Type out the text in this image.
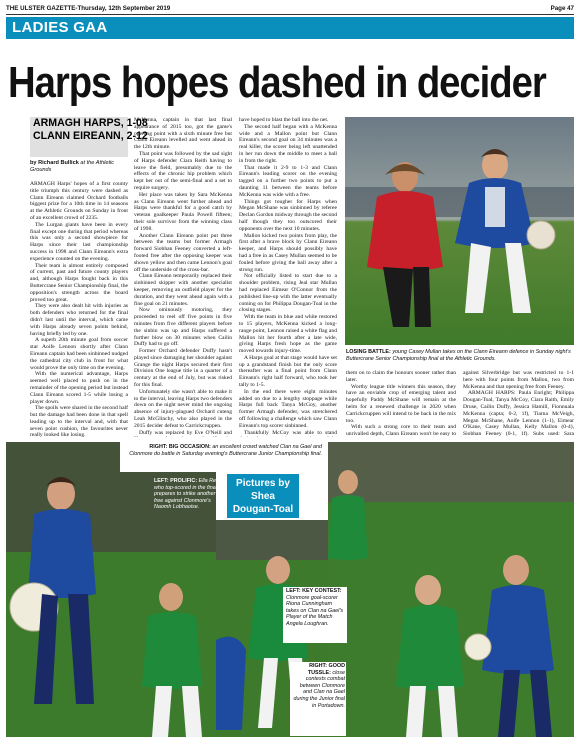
THE ULSTER GAZETTE-Thursday, 12th September 2019	Page 47
LADIES GAA
Harps hopes dashed in decider
ARMAGH HARPS, 1-08
CLANN EIREANN, 2-12
by Richard Bullick at the Athletic Grounds

ARMAGH Harps' hopes of a first county title triumph this century were dashed as Clann Eireann claimed Orchard footballs biggest prize for a 10th time in 14 seasons at the Athletic Grounds on Sunday in front of an excellent crowd of 2235.

The Lurgan giants have been in every final except one during that period whereas this was only a second showpiece for Harps since their last championship success in 1998 and Clann Eireann's extra experience counted on the evening.

Their team is almost entirely composed of current, past and future county players and, although Harps fought back in this Buttercrane Senior Championship final, the opposition's strength across the board proved too great.

They were also dealt hit with injuries as both defenders who returned for the final didn't last until the interval, which came with Harps already seven points behind, having briefly led by one.

A superb 20th minute goal from soccer star Aoife Lennon shortly after Clann Eireann captain had been sinbinned nudged the cathedral city club in front for what would prove the only time on the evening.

With the numerical advantage, Harps seemed well placed to push on in the remainder of the opening period but instead Clann Eireann scored 1-5 while losing a player down.

The spoils were shared in the second half but the damage had been done in that spell leading up to the interval and, with that seven point cushion, the favourites never really looked like losing.

McKenna, captain in that last final appearance of 2015 too, got the game's opening point with a sixth minute free but Clann Eireann levelled and went ahead in the 12th minute.

That point was followed by the sad sight of Harps defender Ciara Reith having to leave the field, presumably due to the effects of the chronic hip problem which kept her out of the semi-final and a set to require surgery.

Her place was taken by Sara McKenna as Clann Eireann went further ahead and Harps were thankful for a good catch by veteran goalkeeper Paula Powell fifteen; their sole survivor from the winning class of 1998.

Another Clann Eireann point put three between the teams but former Armagh forward Siobhan Feeney converted a left-footed free after the opposing keeper was shown yellow and then came Lennon's goal off the underside of the cross-bar.

Clann Eireann temporarily replaced their sinbinned skipper with another specialist keeper, removing an outfield player for the duration, and they went ahead again with a fine goal on 21 minutes.

Now ominously motoring, they proceeded to reel off five points in five minutes from five different players before the sinbin was up and Harps suffered a further blow on 30 minutes when Cailin Duffy had to go off.

Former Orchard defender Duffy hasn't played since damaging her shoulder against Grange the night Harps secured their first Division One league title in a quarter of a century at the end of July, but was risked for this final.

Unfortunately she wasn't able to make it to the interval, leaving Harps two defenders down on the night never mind the ongoing absence of injury-plagued Orchard cuteng Leah McGlinchy, who also played in the 2015 decider defeat to Carrickcruppen.

Duffy was replaced by Eve O'Neill and

have hoped to blast the ball into the net.

The second half began with a McKenna wide and a Mallon point but Clann Eireann's second goal on 34 minutes was a real killer, the scorer being left unattended in her run down the middle to meet a ball in from the right.

That made it 2-9 to 1-3 and Clann Eireann's leading scorer on the evening tagged on a further two points to put a daunting 11 between the teams before McKenna was wide with a free.

Things got tougher for Harps when Megan McShane was sinbinned by referee Declan Gordon midway through the second half though they too outscored their opponents over the next 10 minutes.

Mallon kicked two points from play, the first after a brave block by Clann Eireann keeper, and Harps should possibly have had a free in as Casey Mullan seemed to be fouled before giving the ball away after a strong run.

Not officially listed to start due to a shoulder problem, rising Jeal star Mullan had replaced Eimear O'Connor from the published line-up with the latter eventually coming on for Philippa Dougan-Toal in the closing stages.

With the team in blue and white restored to 15 players, McKenna kicked a long-range point, Lennon raised a white flag and Mallon hit her fourth after a late wide, giving Harps fresh hope as the game moved towards injury-time.

A Harps goal at that stage would have set up a grandstand finish but the only score thereafter was a final point from Clann Eireann's right half forward, who took her tally to 1-5.

In the end there were eight minutes added on due to a lengthy stoppage while Harps full back Tanya McGoy, another former Armagh defender, was stretchered off following a challenge which saw Clann Eireann's top scorer sinbinned.

Thankfully McCoy was able to stand

LOSING BATTLE: young Casey Mullan takes on the Clann Eireann defence in Sunday night's Buttercrane Senior Championship final at the Athletic Grounds.

them on to claim the honours sooner rather than later.

Worthy league title winners this season, they have an enviable crop of emerging talent and hopefully Paddy McShane will remain at the helm for a renewed challenge in 2020 when Carrickcruppen will intend to be back in the mix too.

With such a strong core to their team and unrivalled depth, Clann Eireann won't be easy to

against Silverbridge but was restricted to 1-1 here with four points from Mallon, two from McKenna and that opening free from Feeney.

ARMAGH HARPS: Paula Enright; Philippa Dougan-Toal, Tanya McCoy, Ciara Raith, Emily Druse, Cailin Duffy, Jessica Hamill, Fionnuala McKenna (capta; 0-2, 1f), Tiarna McVeigh, Megan McShane, Aoife Lennon (1-1), Eimear O'Kane, Casey Mullan, Kelly Mallon (0-4), Siobhan Feeney (0-1, 1f). Subs used: Sara

RIGHT: BIG OCCASION: an excellent crowd watched Clan na Gael and Clonmore do battle in Saturday evening's Buttercrane Junior Championship final.
LEFT: PROLIFIC: Ella Reid who top-scored in the final prepares to strike another free against Clonmore's Naomh Lobhaoise.
Pictures by
Shea
Dougan-Toal
LEFT: KEY CONTEST: Clonmore goal-scorer Riona Cunningham takes on Clan na Gael's Player of the Match Angela Loughran.
RIGHT: GOOD TUSSLE: close contests combat between Clonmore and Clan na Gael during the Junior final in Portadown.
